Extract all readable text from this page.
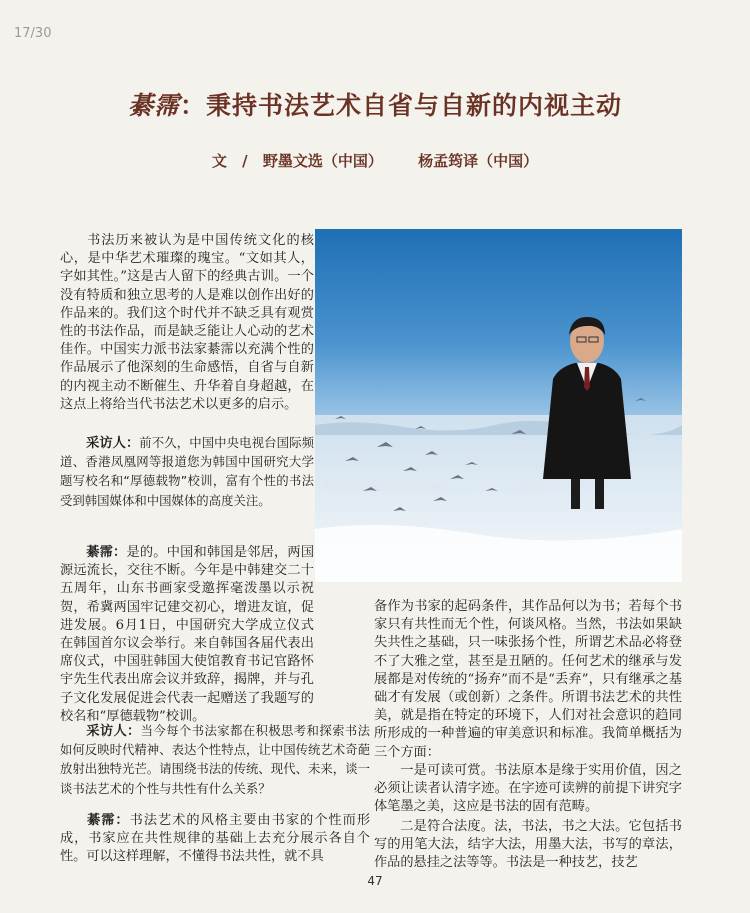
17/30
綦霈：秉持书法艺术自省与自新的内视主动
文 / 野墨文选（中国） 杨孟筠译（中国）

书法历来被认为是中国传统文化的核心，是中华艺术璀璨的瑰宝。“文如其人，字如其性。”这是古人留下的经典古训。一个没有特质和独立思考的人是难以创作出好的作品来的。我们这个时代并不缺乏具有观赏性的书法作品，而是缺乏能让人心动的艺术佳作。中国实力派书法家綦霈以充满个性的作品展示了他深刻的生命感悟，自省与自新的内视主动不断催生、升华着自身超越，在这点上将给当代书法艺术以更多的启示。

采访人：前不久，中国中央电视台国际频道、香港凤凰网等报道您为韩国中国研究大学题写校名和“厚德载物”校训，富有个性的书法受到韩国媒体和中国媒体的高度关注。

綦霈：是的。中国和韩国是邻居，两国源远流长，交往不断。今年是中韩建交二十五周年，山东书画家受邀挥毫泼墨以示祝贺，希冀两国牢记建交初心，增进友谊，促进发展。6月1日，中国研究大学成立仪式在韩国首尔议会举行。来自韩国各届代表出席仪式，中国驻韩国大使馆教育书记官路怀宇先生代表出席会议并致辞，揭牌，并与孔子文化发展促进会代表一起赠送了我题写的校名和“厚德载物”校训。

采访人：当今每个书法家都在积极思考和探索书法如何反映时代精神、表达个性特点，让中国传统艺术奇葩放射出独特光芒。请围绕书法的传统、现代、未来，谈一谈书法艺术的个性与共性有什么关系？

綦霈：书法艺术的风格主要由书家的个性而形成，书家应在共性规律的基础上去充分展示各自个性。可以这样理解，不懂得书法共性，就不具

备作为书家的起码条件，其作品何以为书；若每个书家只有共性而无个性，何谈风格。当然，书法如果缺失共性之基础，只一味张扬个性，所谓艺术品必将登不了大雅之堂，甚至是丑陋的。任何艺术的继承与发展都是对传统的“扬弃”而不是“丢弃”，只有继承之基础才有发展（或创新）之条件。所谓书法艺术的共性美，就是指在特定的环境下，人们对社会意识的趋同所形成的一种普遍的审美意识和标准。我简单概括为三个方面：

一是可读可赏。书法原本是缘于实用价值，因之必须让读者认清字迹。在字迹可读辨的前提下讲究字体笔墨之美，这应是书法的固有范畴。

二是符合法度。法，书法，书之大法。它包括书写的用笔大法，结字大法，用墨大法，书写的章法，作品的悬挂之法等等。书法是一种技艺，技艺

47
